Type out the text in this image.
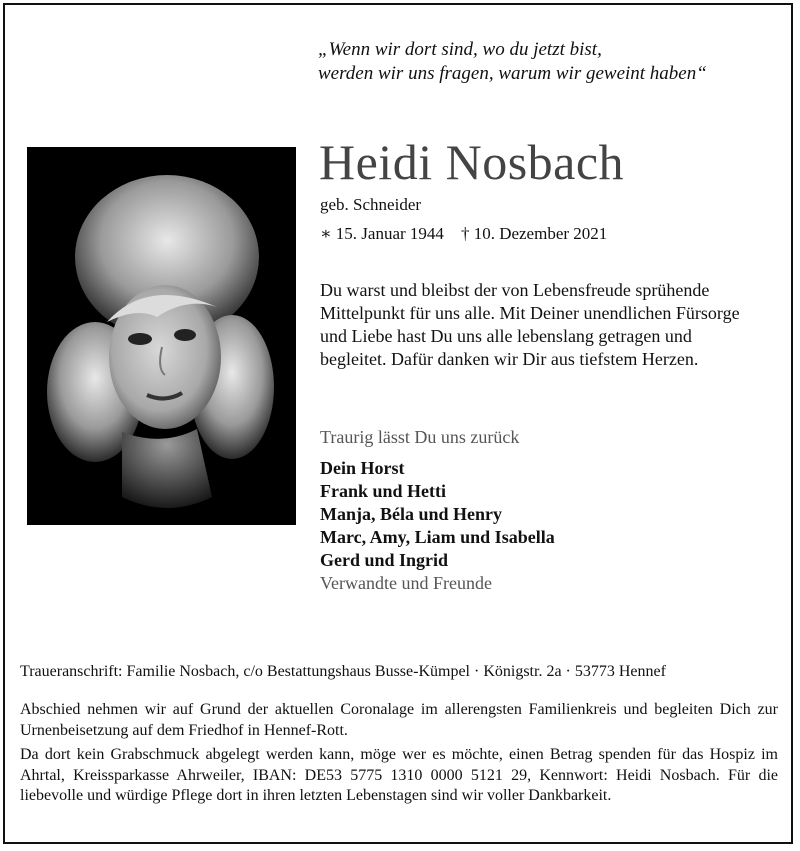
„Wenn wir dort sind, wo du jetzt bist,
werden wir uns fragen, warum wir geweint haben“
Heidi Nosbach
geb. Schneider
∗ 15. Januar 1944 † 10. Dezember 2021
Du warst und bleibst der von Lebensfreude sprühende
Mittelpunkt für uns alle. Mit Deiner unendlichen Fürsorge
und Liebe hast Du uns alle lebenslang getragen und
begleitet. Dafür danken wir Dir aus tiefstem Herzen.
Traurig lässt Du uns zurück
Dein Horst
Frank und Hetti
Manja, Béla und Henry
Marc, Amy, Liam und Isabella
Gerd und Ingrid
Verwandte und Freunde
Traueranschrift: Familie Nosbach, c/o Bestattungshaus Busse-Kümpel · Königstr. 2a · 53773 Hennef
Abschied nehmen wir auf Grund der aktuellen Coronalage im allerengsten Familienkreis und begleiten Dich zur Urnenbeisetzung auf dem Friedhof in Hennef-Rott.
Da dort kein Grabschmuck abgelegt werden kann, möge wer es möchte, einen Betrag spenden für das Hospiz im Ahrtal, Kreissparkasse Ahrweiler, IBAN: DE53 5775 1310 0000 5121 29, Kennwort: Heidi Nosbach. Für die liebevolle und würdige Pflege dort in ihren letzten Lebenstagen sind wir voller Dankbarkeit.
